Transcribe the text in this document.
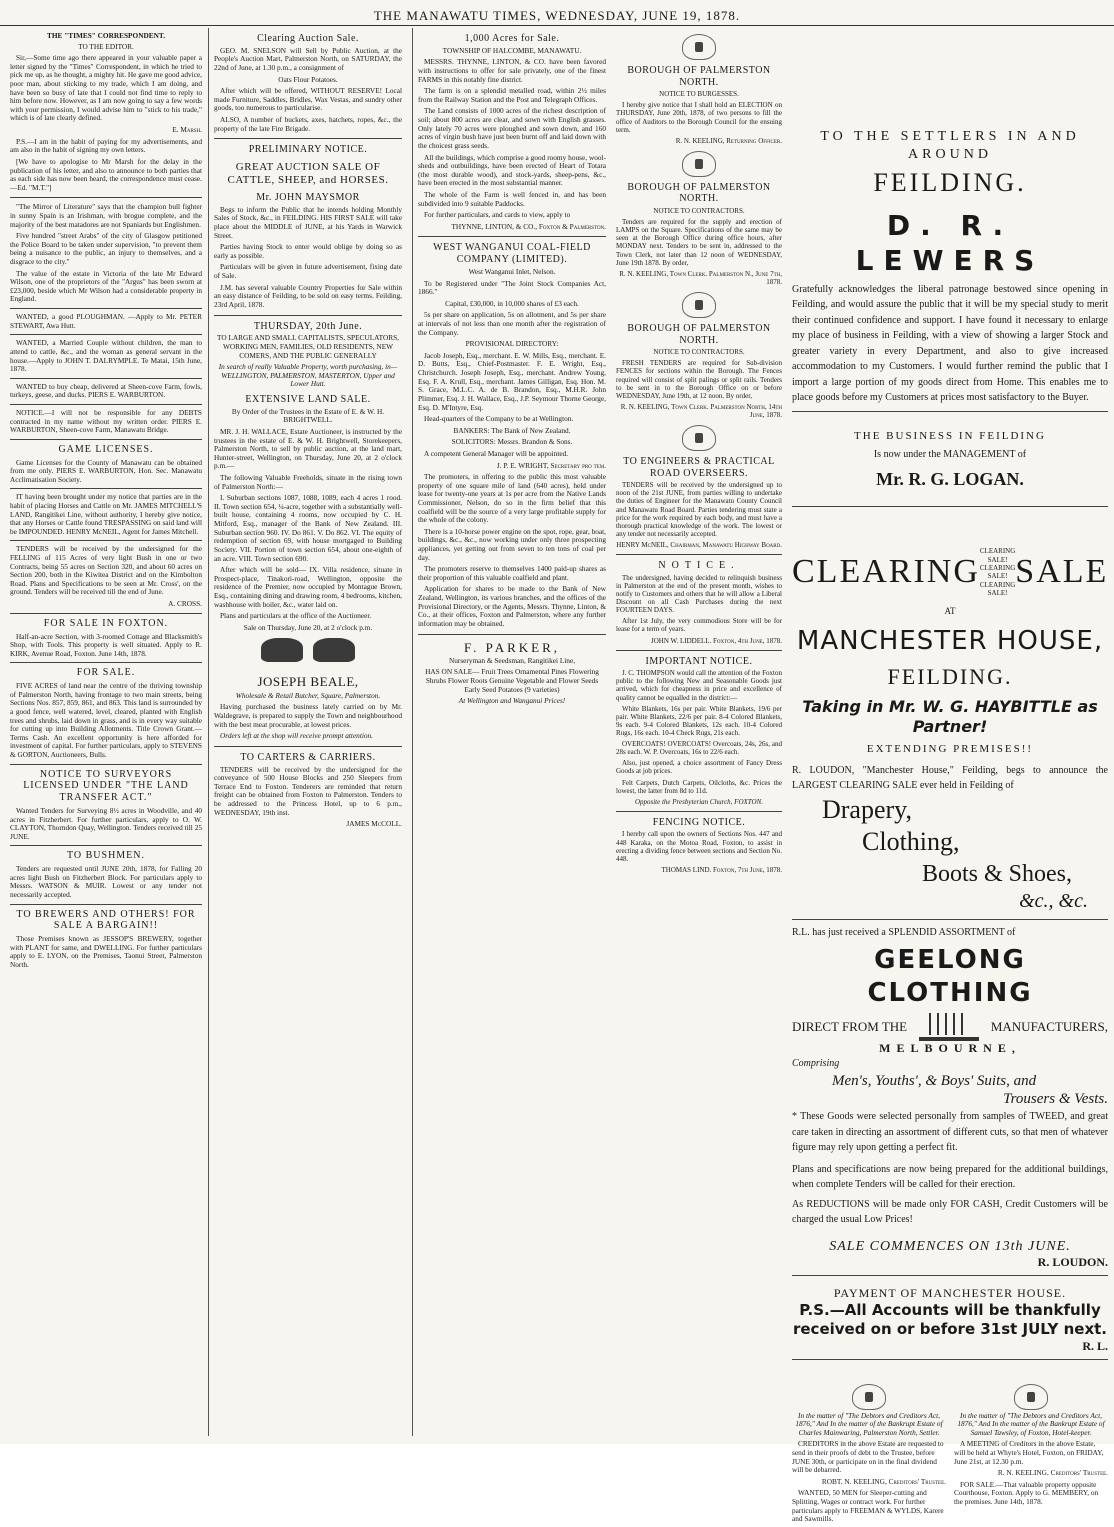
THE MANAWATU TIMES, WEDNESDAY, JUNE 19, 1878.

THE "TIMES" CORRESPONDENT.

TO THE EDITOR.

Sir,—Some time ago there appeared in your valuable paper a letter signed by the "Times" Correspondent, in which he tried to pick me up, as he thought, a mighty hit. He gave me good advice, poor man, about sticking to my trade, which I am doing, and have been so busy of late that I could not find time to reply to him before now. However, as I am now going to say a few words with your permission, I would advise him to "stick to his trade," which is of late clearly defined.

E. Marsh.

P.S.—I am in the habit of paying for my advertisements, and am also in the habit of signing my own letters.

[We have to apologise to Mr Marsh for the delay in the publication of his letter, and also to announce to both parties that as each side has now been heard, the correspondence must cease.—Ed. "M.T."]

"The Mirror of Literature" says that the champion bull fighter in sunny Spain is an Irishman, with brogue complete, and the majority of the best matadores are not Spaniards but Englishmen.

Five hundred "street Arabs" of the city of Glasgow petitioned the Police Board to be taken under supervision, "to prevent them being a nuisance to the public, an injury to themselves, and a disgrace to the city."

The value of the estate in Victoria of the late Mr Edward Wilson, one of the proprietors of the "Argus" has been sworn at £23,000, beside which Mr Wilson had a considerable property in England.

WANTED, a good PLOUGHMAN. —Apply to Mr. PETER STEWART, Awa Hutt.

WANTED, a Married Couple without children, the man to attend to cattle, &c., and the woman as general servant in the house.—Apply to JOHN T. DALRYMPLE. Te Matai, 15th June, 1878.

WANTED to buy cheap, delivered at Sheen-cove Farm, fowls, turkeys, geese, and ducks. PIERS E. WARBURTON.

NOTICE.—I will not be responsible for any DEBTS contracted in my name without my written order. PIERS E. WARBURTON, Sheen-cove Farm, Manawatu Bridge.

GAME LICENSES.

Game Licenses for the County of Manawatu can be obtained from me only. PIERS E. WARBURTON, Hon. Sec. Manawatu Acclimatisation Society.

IT having been brought under my notice that parties are in the habit of placing Horses and Cattle on Mr. JAMES MITCHELL'S LAND, Rangitikei Line, without authority, I hereby give notice, that any Horses or Cattle found TRESPASSING on said land will be IMPOUNDED. HENRY McNEIL, Agent for James Mitchell.

TENDERS will be received by the undersigned for the FELLING of 115 Acres of very light Bush in one or two Contracts, being 55 acres on Section 320, and about 60 acres on Section 200, both in the Kiwitea District and on the Kimbolton Road. Plans and Specifications to be seen at Mr. Cross', on the ground. Tenders will be received till the end of June.

A. CROSS.

FOR SALE IN FOXTON.

Half-an-acre Section, with 3-roomed Cottage and Blacksmith's Shop, with Tools. This property is well situated. Apply to R. KIRK, Avenue Road, Foxton. June 14th, 1878.

FOR SALE.

FIVE ACRES of land near the centre of the thriving township of Palmerston North, having frontage to two main streets, being Sections Nos. 857, 859, 861, and 863. This land is surrounded by a good fence, well watered, level, cleared, planted with English trees and shrubs, laid down in grass, and is in every way suitable for cutting up into Building Allotments. Title Crown Grant.—Terms Cash. An excellent opportunity is here afforded for investment of capital. For further particulars, apply to STEVENS & GORTON, Auctioneers, Bulls.

NOTICE TO SURVEYORS LICENSED UNDER "THE LAND TRANSFER ACT."

Wanted Tenders for Surveying 8½ acres in Woodville, and 40 acres in Fitzherbert. For further particulars, apply to O. W. CLAYTON, Thorndon Quay, Wellington. Tenders received till 25 JUNE.

TO BUSHMEN.

Tenders are requested until JUNE 20th, 1878, for Falling 20 acres light Bush on Fitzherbert Block. For particulars apply to Messrs. WATSON & MUIR. Lowest or any tender not necessarily accepted.

TO BREWERS AND OTHERS! FOR SALE A BARGAIN!!

Those Premises known as JESSOP'S BREWERY, together with PLANT for same, and DWELLING. For further particulars apply to E. LYON, on the Premises, Taonui Street, Palmerston North.

Clearing Auction Sale.

GEO. M. SNELSON will Sell by Public Auction, at the People's Auction Mart, Palmerston North, on SATURDAY, the 22nd of June, at 1.30 p.m., a consignment of

Oats Flour Potatoes.

After which will be offered, WITHOUT RESERVE! Local made Furniture, Saddles, Bridles, Wax Vestas, and sundry other goods, too numerous to particularise.

ALSO, A number of buckets, axes, hatchets, ropes, &c., the property of the late Fire Brigade.

PRELIMINARY NOTICE.
GREAT AUCTION SALE OF CATTLE, SHEEP, and HORSES.
Mr. JOHN MAYSMOR

Begs to inform the Public that he intends holding Monthly Sales of Stock, &c., in FEILDING. HIS FIRST SALE will take place about the MIDDLE of JUNE, at his Yards in Warwick Street.

Parties having Stock to enter would oblige by doing so as early as possible.

Particulars will be given in future advertisement, fixing date of Sale.

J.M. has several valuable Country Properties for Sale within an easy distance of Feilding, to be sold on easy terms. Feilding, 23rd April, 1878.

THURSDAY, 20th June.

TO LARGE AND SMALL CAPITALISTS, SPECULATORS, WORKING MEN, FAMILIES, OLD RESIDENTS, NEW COMERS, AND THE PUBLIC GENERALLY

In search of really Valuable Property, worth purchasing, in— WELLINGTON, PALMERSTON, MASTERTON, Upper and Lower Hutt.

EXTENSIVE LAND SALE.

By Order of the Trustees in the Estate of E. & W. H. BRIGHTWELL.

MR. J. H. WALLACE, Estate Auctioneer, is instructed by the trustees in the estate of E. & W. H. Brightwell, Storekeepers, Palmerston North, to sell by public auction, at the land mart, Hunter-street, Wellington, on Thursday, June 20, at 2 o'clock p.m.—

The following Valuable Freeholds, situate in the rising town of Palmerston North:—

I. Suburban sections 1087, 1088, 1089, each 4 acres 1 rood. II. Town section 654, ¼-acre, together with a substantially well-built house, containing 4 rooms, now occupied by C. H. Mitford, Esq., manager of the Bank of New Zealand. III. Suburban section 960. IV. Do 861. V. Do 862. VI. The equity of redemption of section 69, with house mortgaged to Building Society. VII. Portion of town section 654, about one-eighth of an acre. VIII. Town section 690.

After which will be sold— IX. Villa residence, situate in Prospect-place, Tinakori-road, Wellington, opposite the residence of the Premier, now occupied by Montague Brown, Esq., containing dining and drawing room, 4 bedrooms, kitchen, washhouse with boiler, &c., water laid on.

Plans and particulars at the office of the Auctioneer.

Sale on Thursday, June 20, at 2 o'clock p.m.

JOSEPH BEALE,

Wholesale & Retail Butcher, Square, Palmerston.

Having purchased the business lately carried on by Mr. Waldegrave, is prepared to supply the Town and neighbourhood with the best meat procurable, at lowest prices.

Orders left at the shop will receive prompt attention.

TO CARTERS & CARRIERS.

TENDERS will be received by the undersigned for the conveyance of 500 House Blocks and 250 Sleepers from Terrace End to Foxton. Tenderers are reminded that return freight can be obtained from Foxton to Palmerston. Tenders to be addressed to the Princess Hotel, up to 6 p.m., WEDNESDAY, 19th inst.

JAMES McCOLL.

1,000 Acres for Sale.

TOWNSHIP OF HALCOMBE, MANAWATU.

MESSRS. THYNNE, LINTON, & CO. have been favored with instructions to offer for sale privately, one of the finest FARMS in this notably fine district.

The farm is on a splendid metalled road, within 2½ miles from the Railway Station and the Post and Telegraph Offices.

The Land consists of 1000 acres of the richest description of soil; about 800 acres are clear, and sown with English grasses. Only lately 70 acres were ploughed and sown down, and 160 acres of virgin bush have just been burnt off and laid down with the choicest grass seeds.

All the buildings, which comprise a good roomy house, wool-sheds and outbuildings, have been erected of Heart of Totara (the most durable wood), and stock-yards, sheep-pens, &c., have been erected in the most substantial manner.

The whole of the Farm is well fenced in, and has been subdivided into 9 suitable Paddocks.

For further particulars, and cards to view, apply to

THYNNE, LINTON, & CO., Foxton & Palmerston.

WEST WANGANUI COAL-FIELD COMPANY (LIMITED).

West Wanganui Inlet, Nelson.

To be Registered under "The Joint Stock Companies Act, 1866."

Capital, £30,000, in 10,000 shares of £3 each.

5s per share on application, 5s on allotment, and 5s per share at intervals of not less than one month after the registration of the Company.

PROVISIONAL DIRECTORY:

Jacob Joseph, Esq., merchant. E. W. Mills, Esq., merchant. E. D. Butts, Esq., Chief-Postmaster. F. E. Wright, Esq., Christchurch. Joseph Joseph, Esq., merchant. Andrew Young, Esq. F. A. Krull, Esq., merchant. James Gilligan, Esq. Hon. M. S. Grace, M.L.C. A. de B. Brandon, Esq., M.H.R. John Plimmer, Esq. J. H. Wallace, Esq., J.P. Seymour Thorne George, Esq. D. M'Intyre, Esq.

Head-quarters of the Company to be at Wellington.

BANKERS: The Bank of New Zealand.

SOLICITORS: Messrs. Brandon & Sons.

A competent General Manager will be appointed.

J. P. E. WRIGHT, Secretary pro tem.

The promoters, in offering to the public this most valuable property of one square mile of land (640 acres), held under lease for twenty-one years at 1s per acre from the Native Lands Commissioner, Nelson, do so in the firm belief that this coalfield will be the source of a very large profitable supply for the whole of the colony.

There is a 10-horse power engine on the spot, rope, gear, boat, buildings, &c., &c., now working under only three prospecting appliances, yet getting out from seven to ten tons of coal per day.

The promoters reserve to themselves 1400 paid-up shares as their proportion of this valuable coalfield and plant.

Application for shares to be made to the Bank of New Zealand, Wellington, its various branches, and the offices of the Provisional Directory, or the Agents, Messrs. Thynne, Linton, & Co., at their offices, Foxton and Palmerston, where any further information may be obtained.

F. PARKER,

Nurseryman & Seedsman, Rangitikei Line,

HAS ON SALE— Fruit Trees Ornamental Pines Flowering Shrubs Flower Roots Genuine Vegetable and Flower Seeds Early Seed Potatoes (9 varieties)

At Wellington and Wanganui Prices!

TO THE SETTLERS IN AND AROUND
FEILDING.
D. R. LEWERS
Gratefully acknowledges the liberal patronage bestowed since opening in Feilding, and would assure the public that it will be my special study to merit their continued confidence and support. I have found it necessary to enlarge my place of business in Feilding, with a view of showing a larger Stock and greater variety in every Department, and also to give increased accommodation to my Customers. I would further remind the public that I import a large portion of my goods direct from Home. This enables me to place goods before my Customers at prices most satisfactory to the Buyer.
THE BUSINESS IN FEILDING
Is now under the MANAGEMENT of
Mr. R. G. LOGAN.
CLEARING
CLEARING SALE! CLEARING SALE! CLEARING SALE!
SALE
AT
MANCHESTER HOUSE,
FEILDING.
Taking in Mr. W. G. HAYBITTLE as Partner!
EXTENDING PREMISES!!
R. LOUDON, "Manchester House," Feilding, begs to announce the LARGEST CLEARING SALE ever held in Feilding of
Drapery,
Clothing,
Boots & Shoes,
&c., &c.
R.L. has just received a SPLENDID ASSORTMENT of
GEELONG CLOTHING
DIRECT FROM THE	MANUFACTURERS,
MELBOURNE,
Comprising
Men's, Youths', & Boys' Suits, and
Trousers & Vests.
* These Goods were selected personally from samples of TWEED, and great care taken in directing an assortment of different cuts, so that men of whatever figure may rely upon getting a perfect fit.
Plans and specifications are now being prepared for the additional buildings, when complete Tenders will be called for their erection.
As REDUCTIONS will be made only FOR CASH, Credit Customers will be charged the usual Low Prices!
SALE COMMENCES ON 13th JUNE.
R. LOUDON.
PAYMENT OF MANCHESTER HOUSE.
P.S.—All Accounts will be thankfully received on or before 31st JULY next.
R. L.

In the matter of "The Debtors and Creditors Act, 1876," And In the matter of the Bankrupt Estate of Charles Mainwaring, Palmerston North, Settler.

CREDITORS in the above Estate are requested to send in their proofs of debt to the Trustee, before JUNE 30th, or participate on in the final dividend will be debarred.

ROBT. N. KEELING, Creditors' Trustee.

WANTED, 50 MEN for Sleeper-cutting and Splitting, Wages or contract work. For further particulars apply to FREEMAN & WYLDS, Karere and Sawmills.

In the matter of "The Debtors and Creditors Act, 1876," And In the matter of the Bankrupt Estate of Samuel Tawsley, of Foxton, Hotel-keeper.

A MEETING of Creditors in the above Estate, will be held at Whyte's Hotel, Foxton, on FRIDAY, June 21st, at 12.30 p.m.

R. N. KEELING, Creditors' Trustee.

FOR SALE.—That valuable property opposite Courthouse, Foxton. Apply to G. MEMBERY, on the premises. June 14th, 1878.

BOROUGH OF PALMERSTON NORTH.

NOTICE TO BURGESSES.

I hereby give notice that I shall hold an ELECTION on THURSDAY, June 20th, 1878, of two persons to fill the office of Auditors to the Borough Council for the ensuing term.

R. N. KEELING, Returning Officer.

BOROUGH OF PALMERSTON NORTH.

NOTICE TO CONTRACTORS.

Tenders are required for the supply and erection of LAMPS on the Square. Specifications of the same may be seen at the Borough Office during office hours, after MONDAY next. Tenders to be sent in, addressed to the Town Clerk, not later than 12 noon of WEDNESDAY, June 19th 1878. By order,

R. N. KEELING, Town Clerk. Palmerston N., June 7th, 1878.

BOROUGH OF PALMERSTON NORTH.

NOTICE TO CONTRACTORS.

FRESH TENDERS are required for Sub-division FENCES for sections within the Borough. The Fences required will consist of split palings or split rails. Tenders to be sent in to the Borough Office on or before WEDNESDAY, June 19th, at 12 noon. By order,

R. N. KEELING, Town Clerk. Palmerston North, 14th June, 1878.

TO ENGINEERS & PRACTICAL ROAD OVERSEERS.

TENDERS will be received by the undersigned up to noon of the 21st JUNE, from parties willing to undertake the duties of Engineer for the Manawatu County Council and Manawatu Road Board. Parties tendering must state a price for the work required by each body, and must have a thorough practical knowledge of the work. The lowest or any tender not necessarily accepted.

HENRY McNEIL, Chairman, Manawatu Highway Board.

NOTICE.

The undersigned, having decided to relinquish business in Palmerston at the end of the present month, wishes to notify to Customers and others that he will allow a Liberal Discount on all Cash Purchases during the next FOURTEEN DAYS.

After 1st July, the very commodious Store will be for lease for a term of years.

JOHN W. LIDDELL. Foxton, 4th June, 1878.

IMPORTANT NOTICE.

J. C. THOMPSON would call the attention of the Foxton public to the following New and Seasonable Goods just arrived, which for cheapness in price and excellence of quality cannot be equalled in the district:—

White Blankets, 16s per pair. White Blankets, 19/6 per pair. White Blankets, 22/6 per pair. 8-4 Colored Blankets, 9s each. 9-4 Colored Blankets, 12s each. 10-4 Colored Rugs, 16s each. 10-4 Check Rugs, 21s each.

OVERCOATS! OVERCOATS! Overcoats, 24s, 26s, and 28s each. W. P. Overcoats, 16s to 22/6 each.

Also, just opened, a choice assortment of Fancy Dress Goods at job prices.

Felt Carpets, Dutch Carpets, Oilcloths, &c. Prices the lowest, the latter from 8d to 11d.

Opposite the Presbyterian Church, FOXTON.

FENCING NOTICE.

I hereby call upon the owners of Sections Nos. 447 and 448 Karaka, on the Motoa Road, Foxton, to assist in erecting a dividing fence between sections and Section No. 448.

THOMAS LIND. Foxton, 7th June, 1878.
